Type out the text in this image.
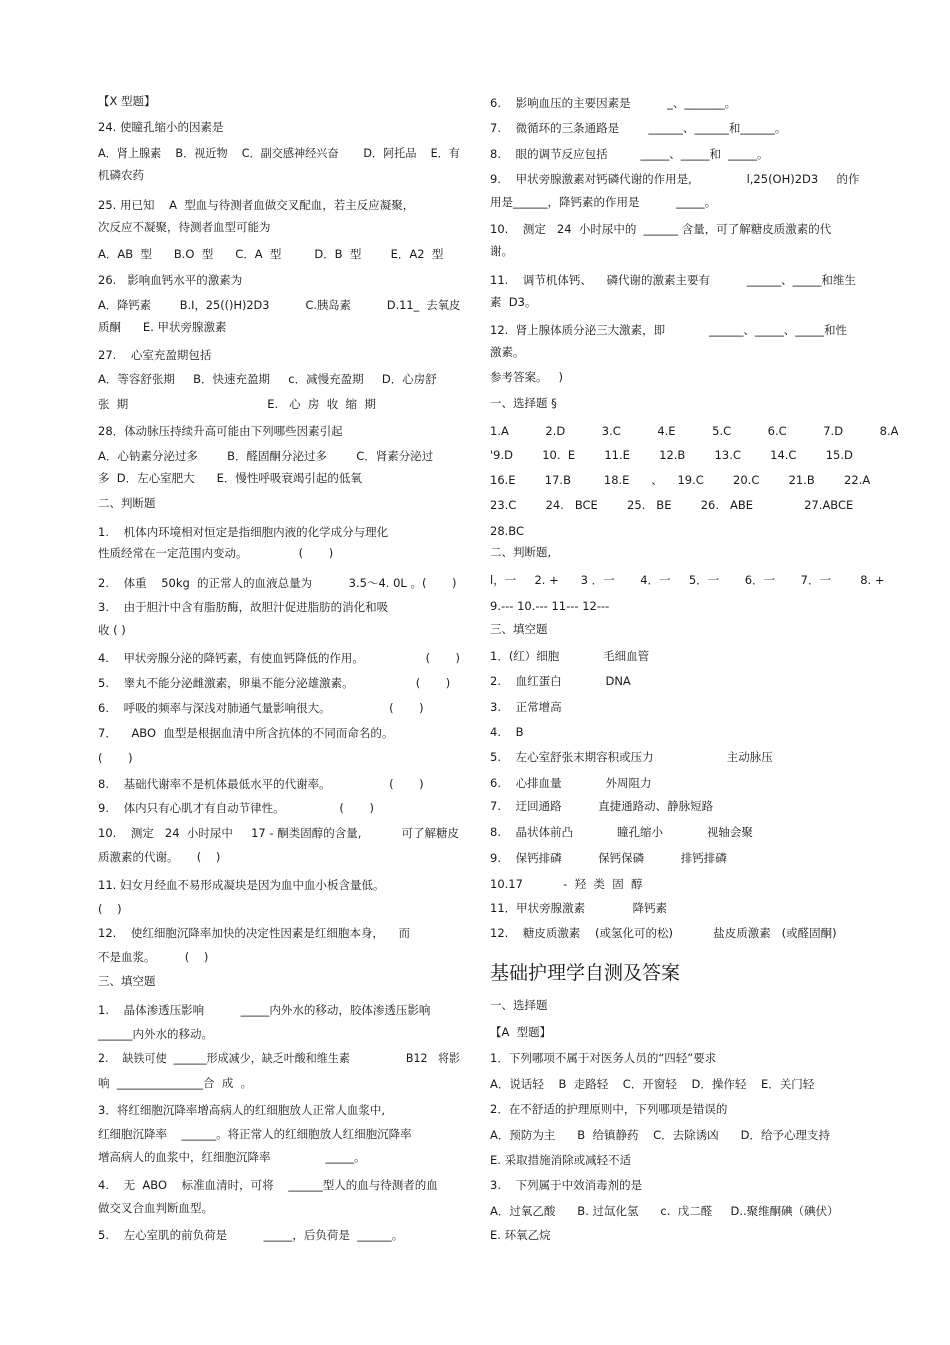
【X 型题】
24. 使瞳孔缩小的因素是
A．肾上腺素    B．视近物    C．副交感神经兴奋       D．阿托品    E．有
机磷农药
25. 用已知    A  型血与待测者血做交叉配血，若主反应凝聚，
次反应不凝聚，待测者血型可能为
A．AB  型      B.O  型      C．A  型         D．B  型        E．A2  型
26.   影响血钙水平的激素为
A．降钙素        B.I，25(()H)2D3          C.胰岛素          D.11_  去氧皮
质酮      E. 甲状旁腺激素
27.    心室充盈期包括
A．等容舒张期     B．快速充盈期     c．减慢充盈期     D．心房舒
张  期                                      E.   心  房  收  缩  期
28．体动脉压持续升高可能由下列哪些因素引起
A．心钠素分泌过多        B．醛固酮分泌过多        C．肾素分泌过
多  D．左心室肥大      E．慢性呼吸衰竭引起的低氧
二、判断题
1.    机体内环境相对恒定是指细胞内液的化学成分与理化
性质经常在一定范围内变动。              (       )
2.    体重    50kg  的正常人的血液总量为          3.5～4. 0L 。(       )
3.    由于胆汁中含有脂肪酶，故胆汁促进脂肪的消化和吸
收 ( )
4.    甲状旁腺分泌的降钙素，有使血钙降低的作用。                 (       )
5.    睾丸不能分泌雌激素，卵巢不能分泌雄激素。                 (       )
6.    呼吸的频率与深浅对肺通气量影响很大。                (       )
7．    ABO  血型是根据血清中所含抗体的不同而命名的。
(       )
8.    基础代谢率不是机体最低水平的代谢率。                (       )
9.    体内只有心肌才有自动节律性。               (       )
10.    测定   24  小时尿中     17 - 酮类固醇的含量,           可了解糖皮
质激素的代谢。     (    )
11. 妇女月经血不易形成凝块是因为血中血小板含量低。
(    )
12.    使红细胞沉降率加快的决定性因素是红细胞本身，    而
不是血浆。        (    )
三、填空题
1.    晶体渗透压影响          _____内外水的移动，胶体渗透压影响
______内外水的移动。
2.    缺铁可使  ______形成减少，缺乏叶酸和维生素                B12   将影
响  _______________合  成  。
3．将红细胞沉降率增高病人的红细胞放人正常人血浆中,
红细胞沉降率    ______。将正常人的红细胞放人红细胞沉降率
增高病人的血浆中，红细胞沉降率               _____。
4.    无  ABO    标准血清时，可将    ______型人的血与待测者的血
做交叉合血判断血型。
5.    左心室肌的前负荷是          _____，后负荷是  ______。
6.    影响血压的主要因素是          _、_______。
7.    微循环的三条通路是        ______、______和______。
8.    眼的调节反应包括         _____、_____和  _____。
9.    甲状旁腺激素对钙磷代谢的作用是,               l,25(OH)2D3     的作
用是______，降钙素的作用是          _____。
10.    测定   24  小时尿中的  ______ 含量，可了解糖皮质激素的代
谢。
11.    调节机体钙、    磷代谢的激素主要有          ______、_____和维生
素  D3。
12.  肾上腺体质分泌三大激素，即            ______、_____、_____和性
激素。
参考答案。   )
一、选择题 §
1.A          2.D          3.C          4.E          5.C          6.C          7.D          8.A
'9.D        10.  E        11.E        12.B        13.C        14.C        15.D
16.E        17.B         18.E      、    19.C        20.C        21.B        22.A
23.C        24.   BCE        25.   BE        26.   ABE              27.ABCE
28.BC
二、判断题,
l，一     2. +      3 ．一       4．一     5．一       6．一       7．一        8. +
9.--- 10.--- 11--- 12---
三、填空题
1．(红）细胞            毛细血管
2.    血红蛋白            DNA
3.    正常增高
4.    B
5.    左心室舒张末期容积或压力                    主动脉压
6.    心排血量            外周阻力
7.    迂回通路          直捷通路动、静脉短路
8.    晶状体前凸            瞳孔缩小            视轴会聚
9.    保钙排磷          保钙保磷          排钙排磷
10.17           -  羟  类  固  醇
11．甲状旁腺激素             降钙素
12.    糖皮质激素    (或氢化可的松)           盐皮质激素   (或醛固酮)
一、选择题
【A  型题】
1．下列哪项不属于对医务人员的“四轻”要求
A．说话轻    B  走路轻    C．开窗轻    D．操作轻    E．关门轻
2．在不舒适的护理原则中，下列哪项是错误的
A．预防为主      B  给镇静药    C．去除诱凶      D．给予心理支持
E. 采取措施消除或减轻不适
3.    下列属于中效消毒剂的是
A．过氧乙酸      B. 过氙化氢      c.  戊二醛     D..聚维酮碘（碘伏）
E. 环氧乙烷
基础护理学自测及答案
